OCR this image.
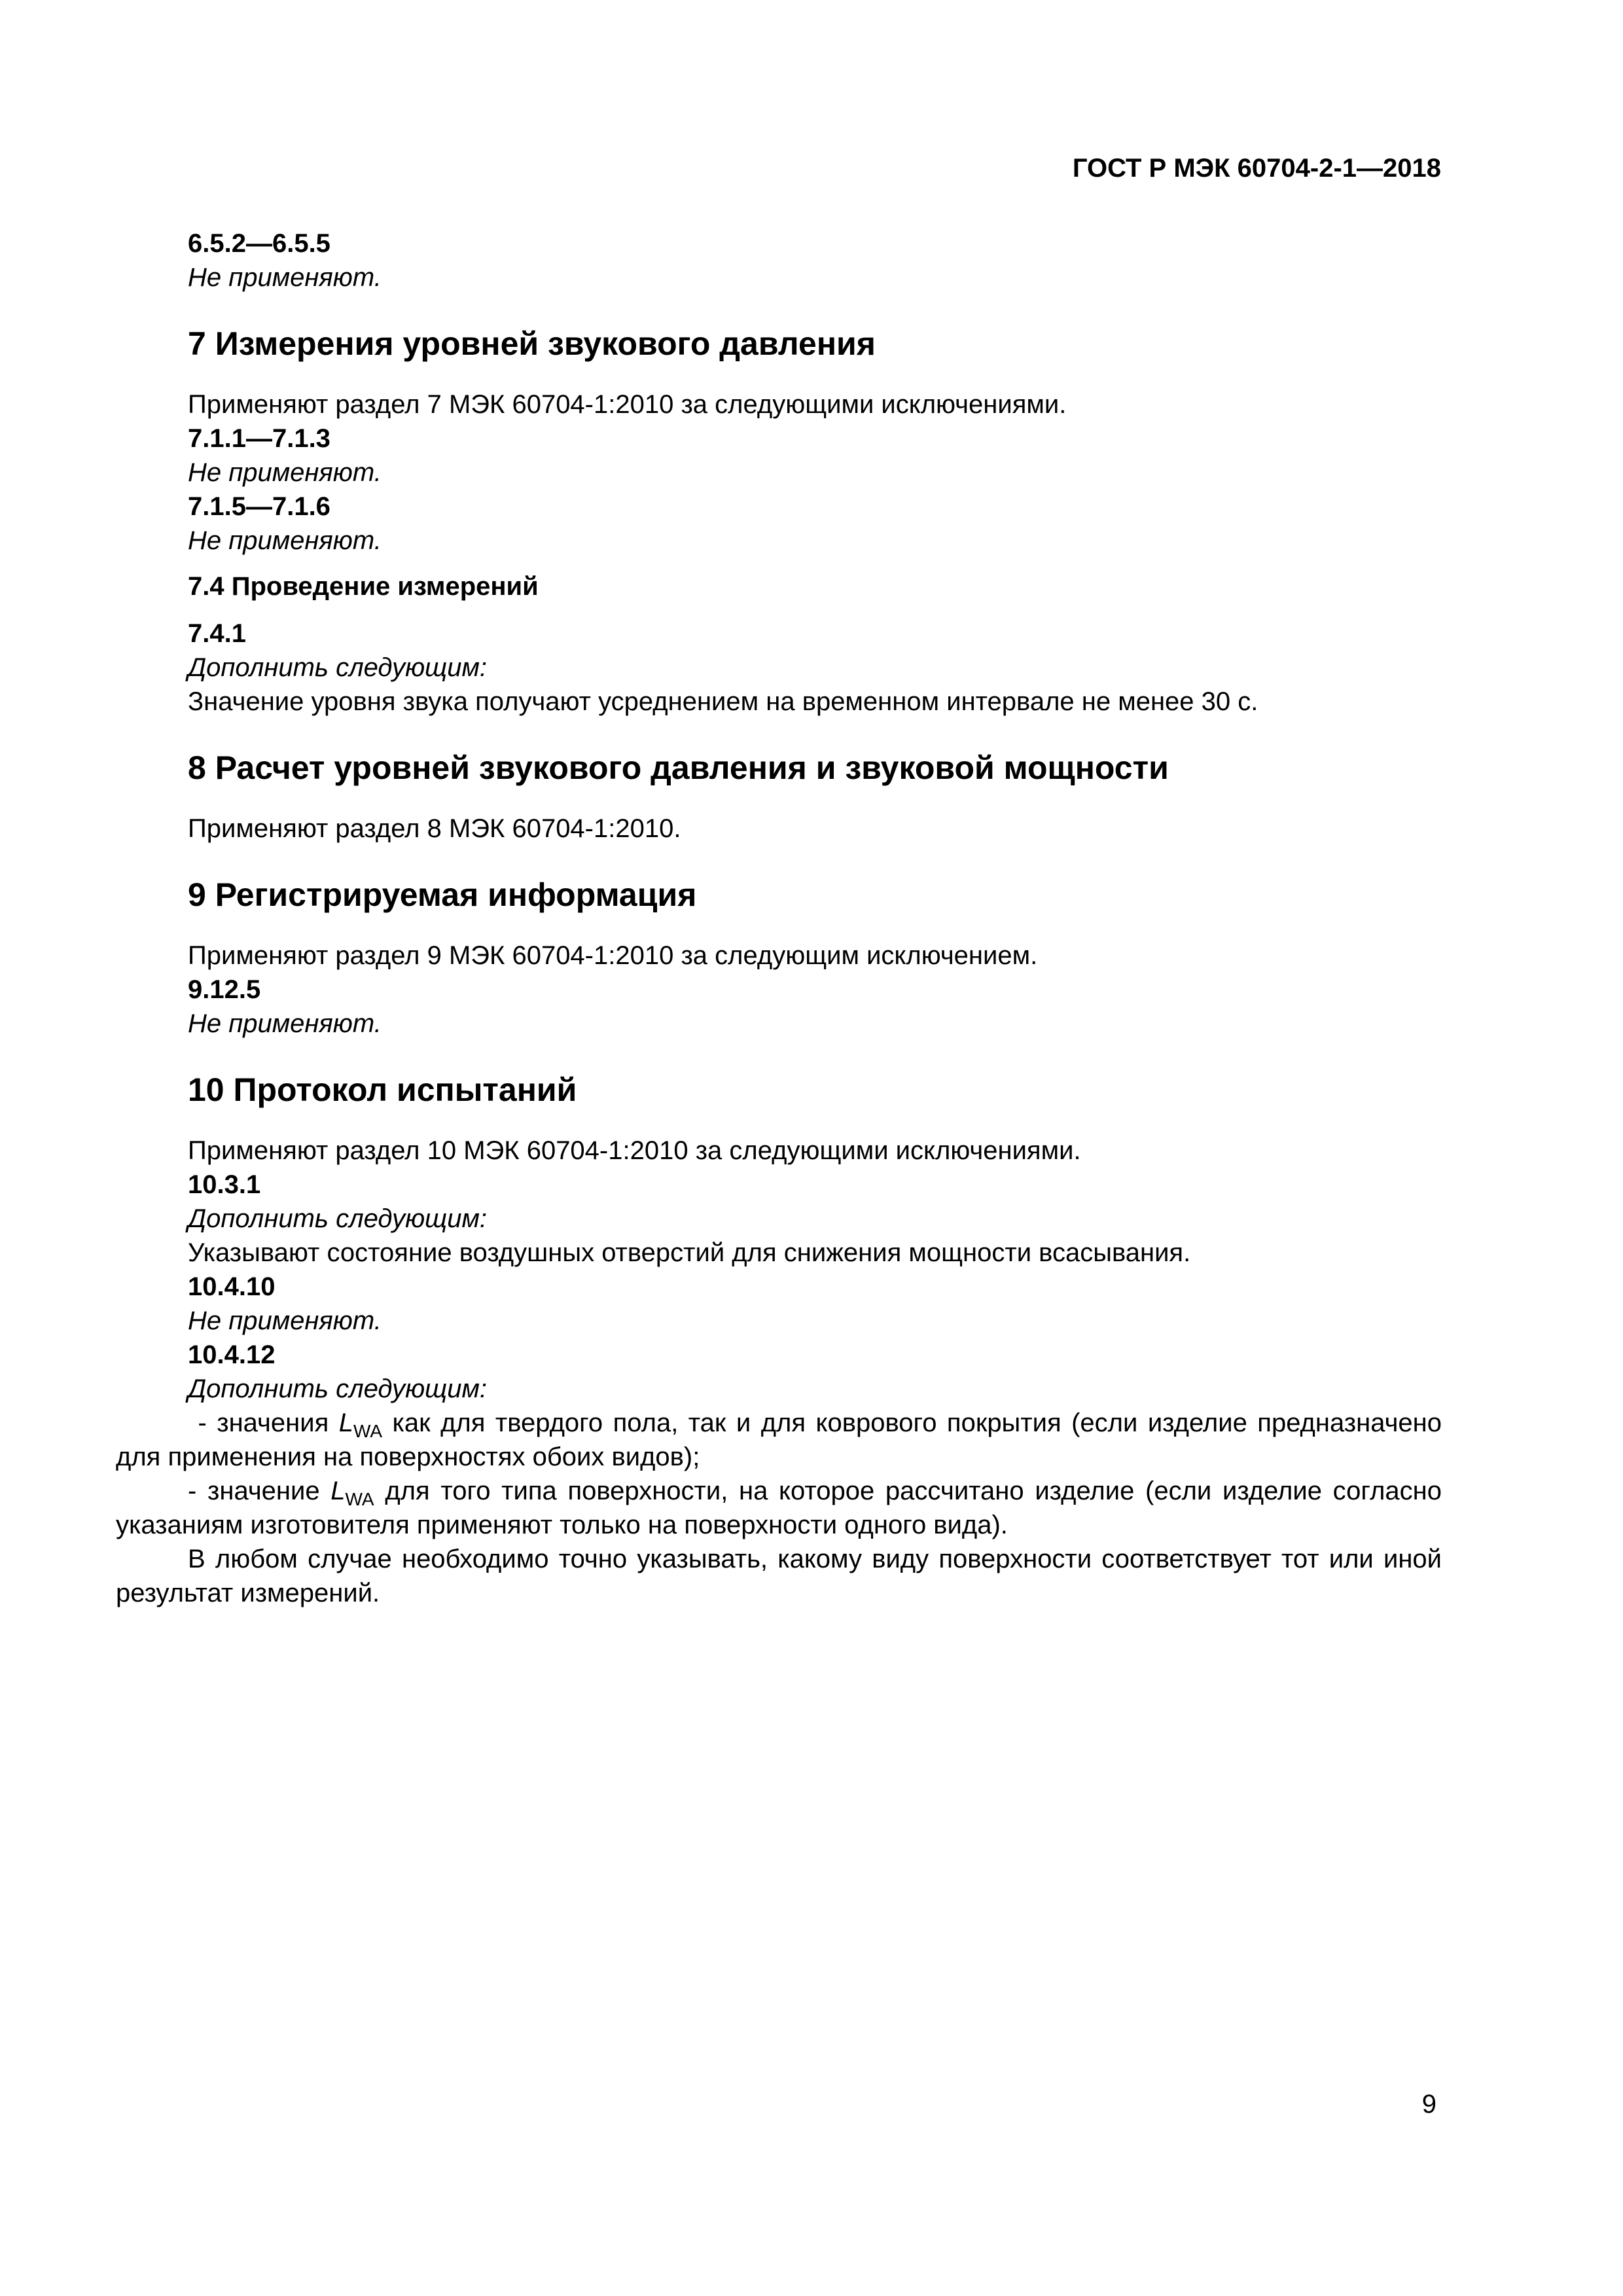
ГОСТ Р МЭК 60704-2-1—2018
6.5.2—6.5.5
Не применяют.
7 Измерения уровней звукового давления
Применяют раздел 7 МЭК 60704-1:2010 за следующими исключениями.
7.1.1—7.1.3
Не применяют.
7.1.5—7.1.6
Не применяют.
7.4 Проведение измерений
7.4.1
Дополнить следующим:
Значение уровня звука получают усреднением на временном интервале не менее 30 с.
8 Расчет уровней звукового давления и звуковой мощности
Применяют раздел 8 МЭК 60704-1:2010.
9 Регистрируемая информация
Применяют раздел 9 МЭК 60704-1:2010 за следующим исключением.
9.12.5
Не применяют.
10 Протокол испытаний
Применяют раздел 10 МЭК 60704-1:2010 за следующими исключениями.
10.3.1
Дополнить следующим:
Указывают состояние воздушных отверстий для снижения мощности всасывания.
10.4.10
Не применяют.
10.4.12
Дополнить следующим:
- значения $L_{WA}$ как для твердого пола, так и для коврового покрытия (если изделие предназначено для применения на поверхностях обоих видов);
- значение $L_{WA}$ для того типа поверхности, на которое рассчитано изделие (если изделие согласно указаниям изготовителя применяют только на поверхности одного вида).
В любом случае необходимо точно указывать, какому виду поверхности соответствует тот или иной результат измерений.
9
